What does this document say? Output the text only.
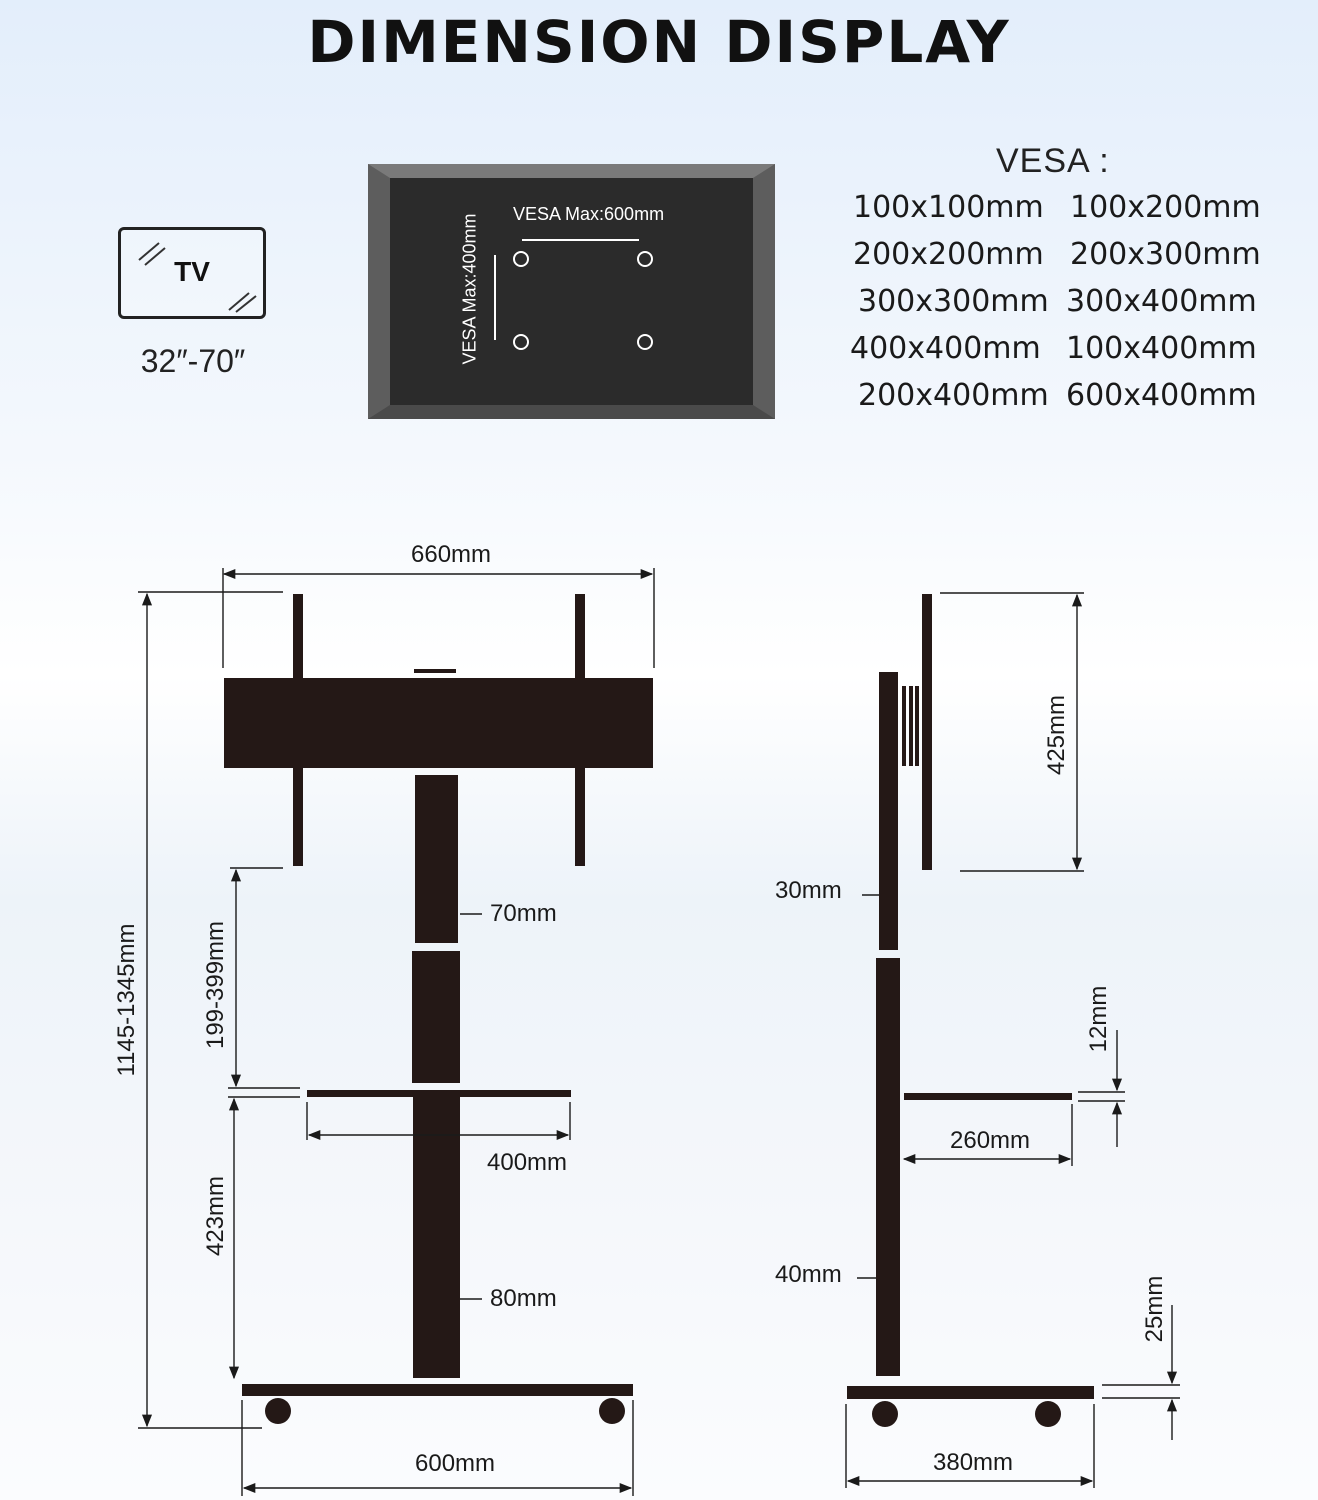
DIMENSION DISPLAY
TV
32″-70″
VESA :
100x100mm 100x200mm
200x200mm 200x300mm
300x300mm 300x400mm
400x400mm 100x400mm
200x400mm 600x400mm
VESA Max:600mm
VESA Max:400mm
660mm
1145-1345mm	199-399mm
423mm
70mm
400mm
80mm
600mm
425mm
30mm
12mm
260mm
40mm
25mm
380mm
